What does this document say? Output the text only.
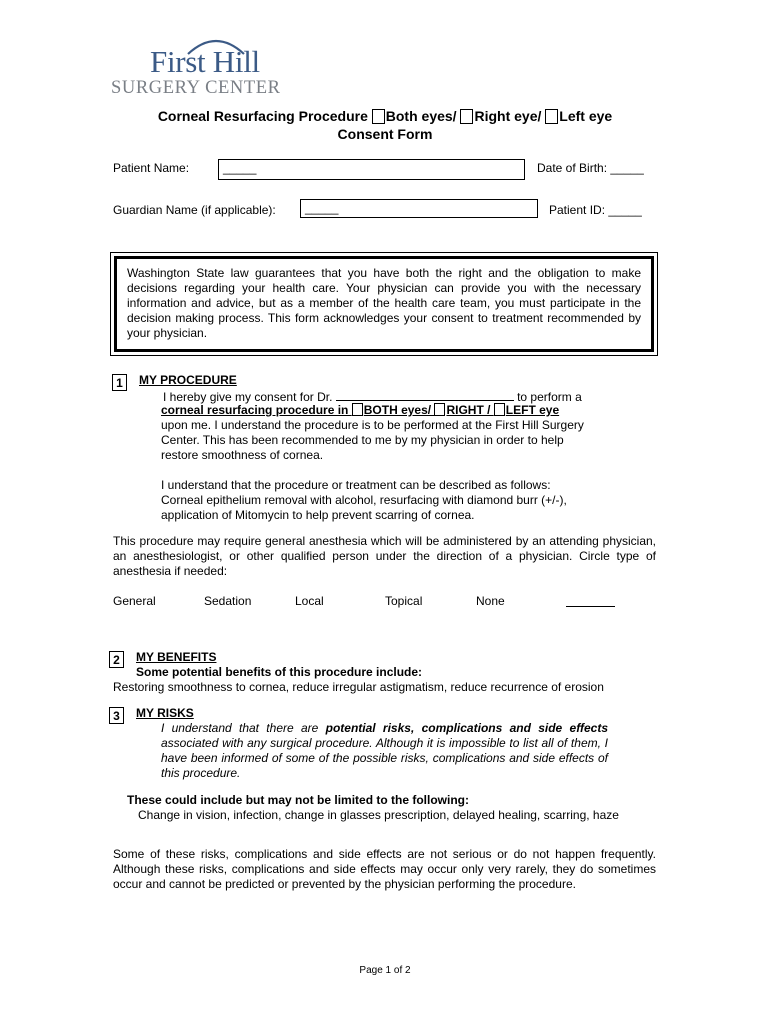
First Hill
SURGERY CENTER
Corneal Resurfacing Procedure Both eyes/ Right eye/ Left eye
Consent Form
Patient Name:	_____	Date of Birth: _____
Guardian Name (if applicable):	_____	Patient ID: _____
Washington State law guarantees that you have both the right and the obligation to make decisions regarding your health care. Your physician can provide you with the necessary information and advice, but as a member of the health care team, you must participate in the decision making process. This form acknowledges your consent to treatment recommended by your physician.
1	MY PROCEDURE
I hereby give my consent for Dr.	to perform a
corneal resurfacing procedure in BOTH eyes/ RIGHT / LEFT eye
upon me. I understand the procedure is to be performed at the First Hill Surgery
Center. This has been recommended to me by my physician in order to help
restore smoothness of cornea.
I understand that the procedure or treatment can be described as follows:
Corneal epithelium removal with alcohol, resurfacing with diamond burr (+/-),
application of Mitomycin to help prevent scarring of cornea.
This procedure may require general anesthesia which will be administered by an attending physician, an anesthesiologist, or other qualified person under the direction of a physician. Circle type of anesthesia if needed:
General	Sedation	Local	Topical	None
2	MY BENEFITS
Some potential benefits of this procedure include:
Restoring smoothness to cornea, reduce irregular astigmatism, reduce recurrence of erosion
3	MY RISKS
I understand that there are potential risks, complications and side effects associated with any surgical procedure. Although it is impossible to list all of them, I have been informed of some of the possible risks, complications and side effects of this procedure.
These could include but may not be limited to the following:
Change in vision, infection, change in glasses prescription, delayed healing, scarring, haze
Some of these risks, complications and side effects are not serious or do not happen frequently. Although these risks, complications and side effects may occur only very rarely, they do sometimes occur and cannot be predicted or prevented by the physician performing the procedure.
Page 1 of 2
